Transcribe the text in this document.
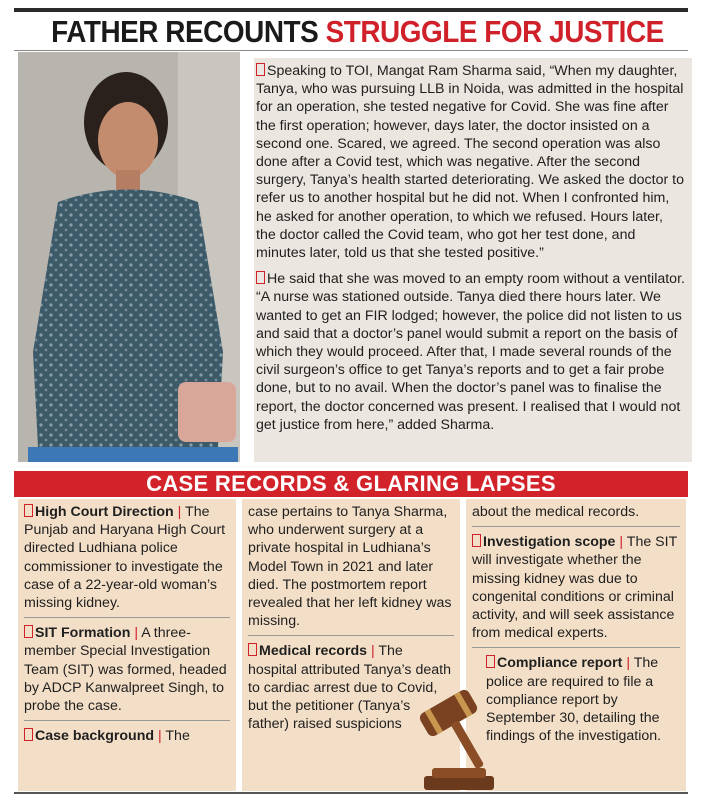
FATHER RECOUNTS STRUGGLE FOR JUSTICE

Speaking to TOI, Mangat Ram Sharma said, “When my daughter, Tanya, who was pursuing LLB in Noida, was admitted in the hospital for an operation, she tested negative for Covid. She was fine after the first operation; however, days later, the doctor insisted on a second one. Scared, we agreed. The second operation was also done after a Covid test, which was negative. After the second surgery, Tanya’s health started deteriorating. We asked the doctor to refer us to another hospital but he did not. When I confronted him, he asked for another operation, to which we refused. Hours later, the doctor called the Covid team, who got her test done, and minutes later, told us that she tested positive.”

He said that she was moved to an empty room without a ventilator. “A nurse was stationed outside. Tanya died there hours later. We wanted to get an FIR lodged; however, the police did not listen to us and said that a doctor’s panel would submit a report on the basis of which they would proceed. After that, I made several rounds of the civil surgeon’s office to get Tanya’s reports and to get a fair probe done, but to no avail. When the doctor’s panel was to finalise the report, the doctor concerned was present. I realised that I would not get justice from here,” added Sharma.

CASE RECORDS & GLARING LAPSES

High Court Direction | The Punjab and Haryana High Court directed Ludhiana police commissioner to investigate the case of a 22-year-old woman’s missing kidney.

SIT Formation | A three-member Special Investigation Team (SIT) was formed, headed by ADCP Kanwalpreet Singh, to probe the case.

Case background | The

case pertains to Tanya Sharma, who underwent surgery at a private hospital in Ludhiana’s Model Town in 2021 and later died. The postmortem report revealed that her left kidney was missing.

Medical records | The hospital attributed Tanya’s death to cardiac arrest due to Covid, but the petitioner (Tanya’s father) raised suspicions

about the medical records.

Investigation scope | The SIT will investigate whether the missing kidney was due to congenital conditions or criminal activity, and will seek assistance from medical experts.

Compliance report | The police are required to file a compliance report by September 30, detailing the findings of the investigation.
